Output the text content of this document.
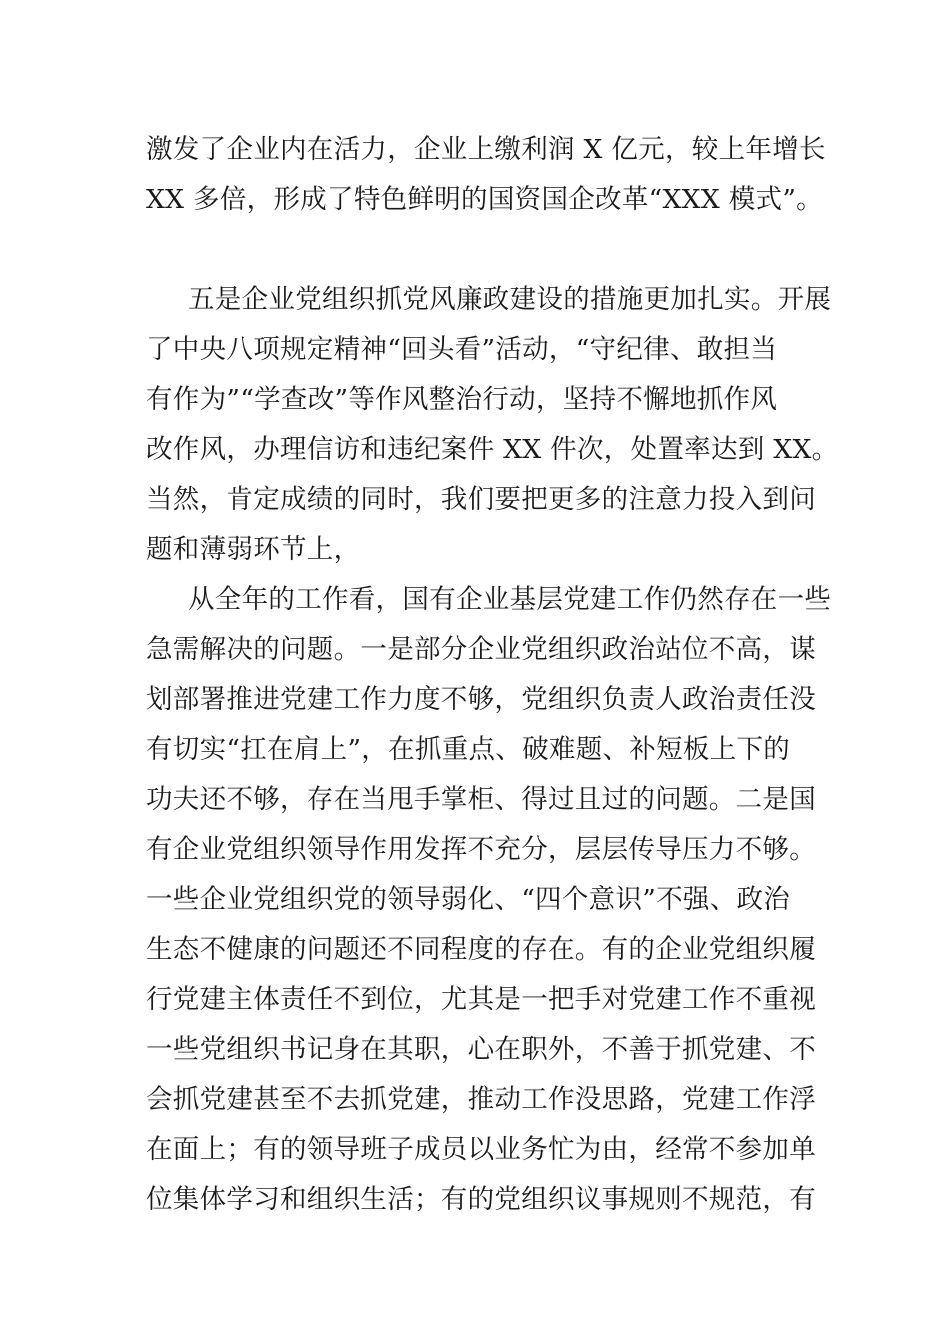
激发了企业内在活力，企业上缴利润 X 亿元，较上年增长
XX 多倍，形成了特色鲜明的国资国企改革“XXX 模式”。
五是企业党组织抓党风廉政建设的措施更加扎实。开展
了中央八项规定精神“回头看”活动，“守纪律、敢担当
有作为”“学查改”等作风整治行动，坚持不懈地抓作风
改作风，办理信访和违纪案件 XX 件次，处置率达到 XX。
当然，肯定成绩的同时，我们要把更多的注意力投入到问
题和薄弱环节上，
从全年的工作看，国有企业基层党建工作仍然存在一些
急需解决的问题。一是部分企业党组织政治站位不高，谋
划部署推进党建工作力度不够，党组织负责人政治责任没
有切实“扛在肩上”，在抓重点、破难题、补短板上下的
功夫还不够，存在当甩手掌柜、得过且过的问题。二是国
有企业党组织领导作用发挥不充分，层层传导压力不够。
一些企业党组织党的领导弱化、“四个意识”不强、政治
生态不健康的问题还不同程度的存在。有的企业党组织履
行党建主体责任不到位，尤其是一把手对党建工作不重视
一些党组织书记身在其职，心在职外，不善于抓党建、不
会抓党建甚至不去抓党建，推动工作没思路，党建工作浮
在面上；有的领导班子成员以业务忙为由，经常不参加单
位集体学习和组织生活；有的党组织议事规则不规范，有
